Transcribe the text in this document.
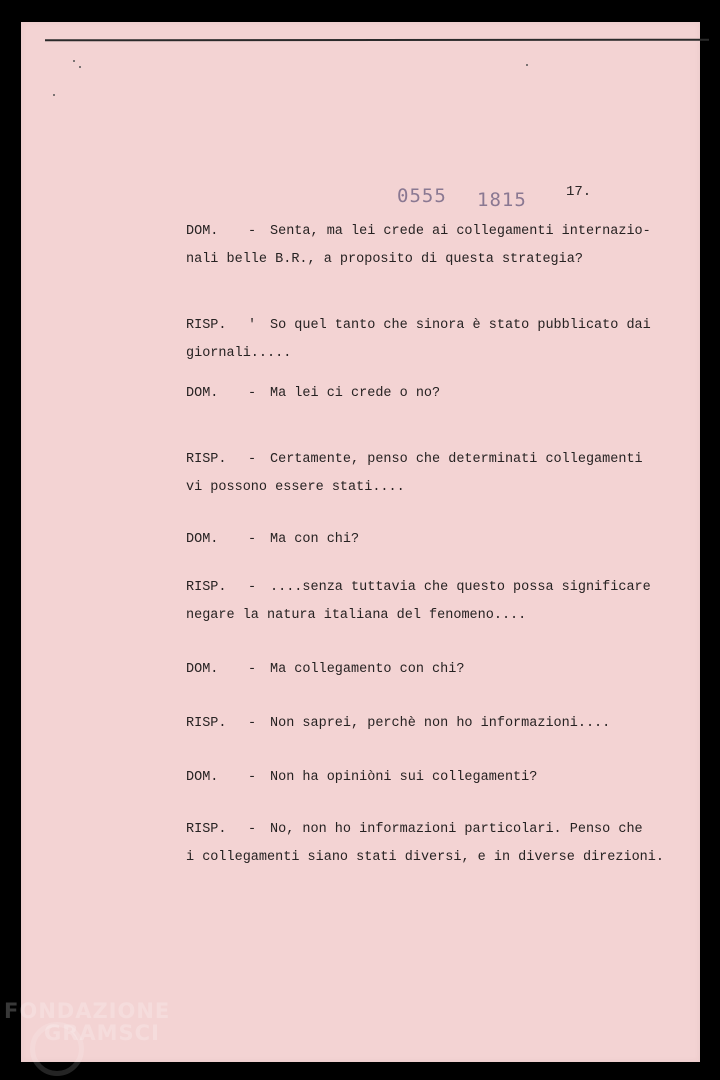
0555 1815	17.
DOM. - Senta, ma lei crede ai collegamenti internazio-
nali belle B.R., a proposito di questa strategia?
RISP. ' So quel tanto che sinora è stato pubblicato dai
giornali.....
DOM. - Ma lei ci crede o no?
RISP. - Certamente, penso che determinati collegamenti
vi possono essere stati....
DOM. - Ma con chi?
RISP. - ....senza tuttavia che questo possa significare
negare la natura italiana del fenomeno....
DOM. - Ma collegamento con chi?
RISP. - Non saprei, perchè non ho informazioni....
DOM. - Non ha opiniòni sui collegamenti?
RISP. - No, non ho informazioni particolari. Penso che
i collegamenti siano stati diversi, e in diverse direzioni.
FONDAZIONE
GRAMSCI
